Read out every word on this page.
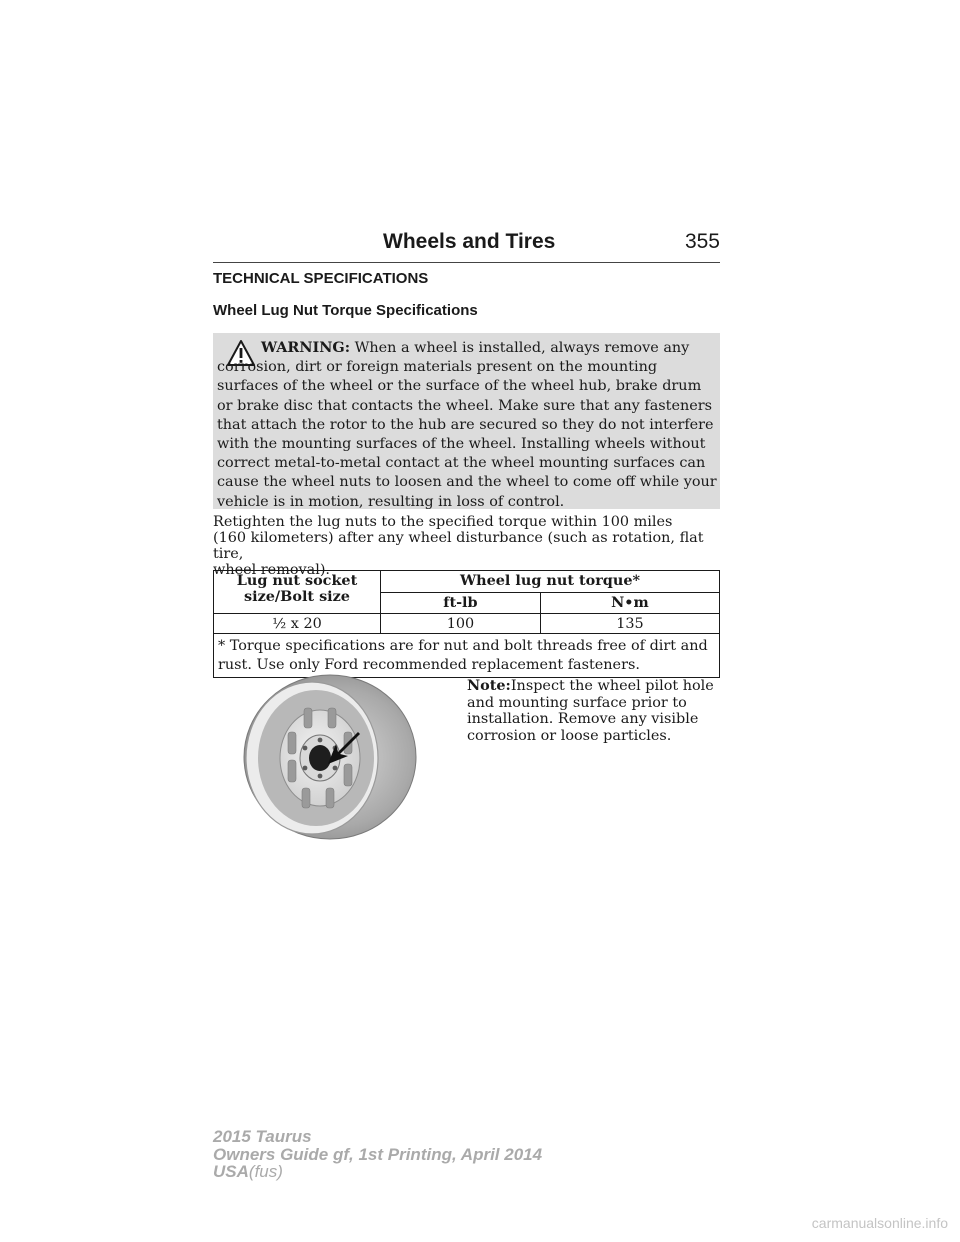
Wheels and Tires	355
TECHNICAL SPECIFICATIONS
Wheel Lug Nut Torque Specifications
WARNING: When a wheel is installed, always remove any corrosion, dirt or foreign materials present on the mounting surfaces of the wheel or the surface of the wheel hub, brake drum or brake disc that contacts the wheel. Make sure that any fasteners that attach the rotor to the hub are secured so they do not interfere with the mounting surfaces of the wheel. Installing wheels without correct metal-to-metal contact at the wheel mounting surfaces can cause the wheel nuts to loosen and the wheel to come off while your vehicle is in motion, resulting in loss of control.
Retighten the lug nuts to the specified torque within 100 miles
(160 kilometers) after any wheel disturbance (such as rotation, flat tire,
wheel removal).
Lug nut socket size/Bolt size	Wheel lug nut torque*	
	ft-lb	N•m
½ x 20	100	135
* Torque specifications are for nut and bolt threads free of dirt and rust. Use only Ford recommended replacement fasteners.		
Note:Inspect the wheel pilot hole and mounting surface prior to installation. Remove any visible corrosion or loose particles.
2015 Taurus
Owners Guide gf, 1st Printing, April 2014
USA(fus)
carmanualsonline.info
